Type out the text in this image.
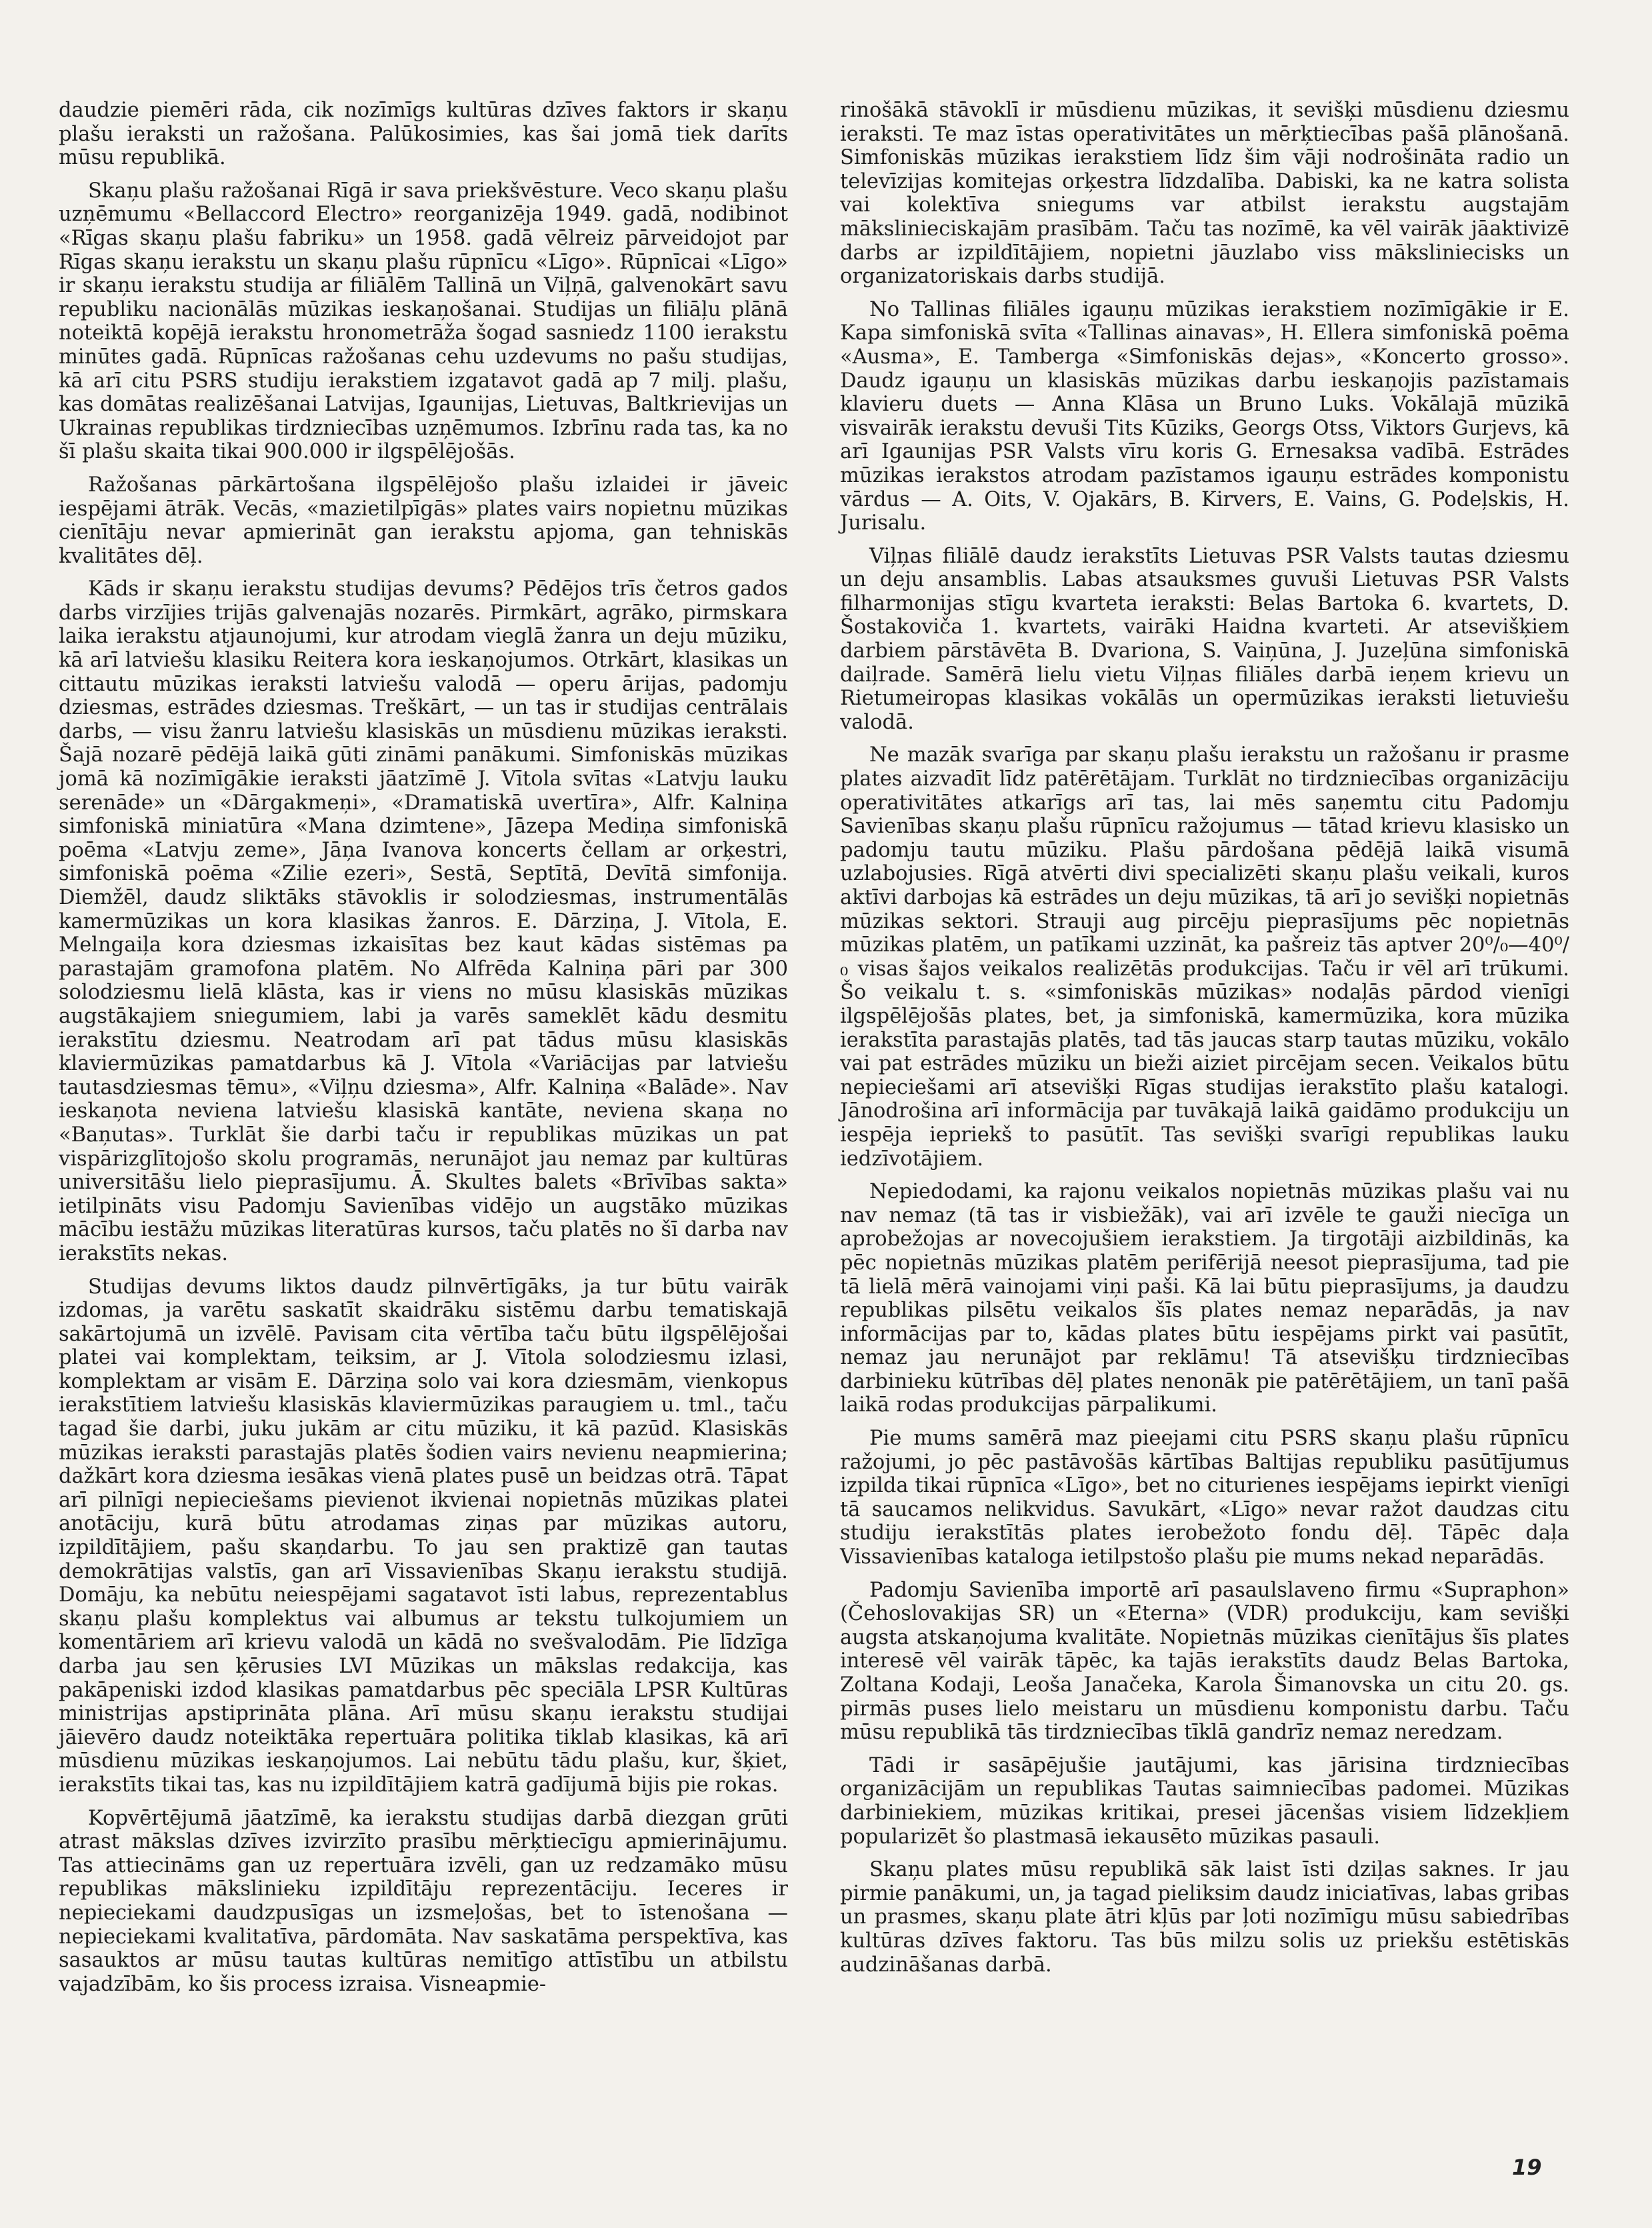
daudzie piemēri rāda, cik nozīmīgs kultūras dzīves faktors ir skaņu plašu ieraksti un ražošana. Palūkosimies, kas šai jomā tiek darīts mūsu republikā.

Skaņu plašu ražošanai Rīgā ir sava priekšvēsture. Veco skaņu plašu uzņēmumu «Bellaccord Electro» reorganizēja 1949. gadā, nodibinot «Rīgas skaņu plašu fabriku» un 1958. gadā vēlreiz pārveidojot par Rīgas skaņu ierakstu un skaņu plašu rūpnīcu «Līgo». Rūpnīcai «Līgo» ir skaņu ierakstu studija ar filiālēm Tallinā un Viļņā, galvenokārt savu republiku nacionālās mūzikas ieskaņošanai. Studijas un filiāļu plānā noteiktā kopējā ierakstu hronometrāža šogad sasniedz 1100 ierakstu minūtes gadā. Rūpnīcas ražošanas cehu uzdevums no pašu studijas, kā arī citu PSRS studiju ierakstiem izgatavot gadā ap 7 milj. plašu, kas domātas realizēšanai Latvijas, Igaunijas, Lietuvas, Baltkrievijas un Ukrainas republikas tirdzniecības uzņēmumos. Izbrīnu rada tas, ka no šī plašu skaita tikai 900.000 ir ilgspēlējošās.

Ražošanas pārkārtošana ilgspēlējošo plašu izlaidei ir jāveic iespējami ātrāk. Vecās, «mazietilpīgās» plates vairs nopietnu mūzikas cienītāju nevar apmierināt gan ierakstu apjoma, gan tehniskās kvalitātes dēļ.

Kāds ir skaņu ierakstu studijas devums? Pēdējos trīs četros gados darbs virzījies trijās galvenajās nozarēs. Pirmkārt, agrāko, pirmskara laika ierakstu atjaunojumi, kur atrodam vieglā žanra un deju mūziku, kā arī latviešu klasiku Reitera kora ieskaņojumos. Otrkārt, klasikas un cittautu mūzikas ieraksti latviešu valodā — operu ārijas, padomju dziesmas, estrādes dziesmas. Treškārt, — un tas ir studijas centrālais darbs, — visu žanru latviešu klasiskās un mūsdienu mūzikas ieraksti. Šajā nozarē pēdējā laikā gūti zināmi panākumi. Simfoniskās mūzikas jomā kā nozīmīgākie ieraksti jāatzīmē J. Vītola svītas «Latvju lauku serenāde» un «Dārgakmeņi», «Dramatiskā uvertīra», Alfr. Kalniņa simfoniskā miniatūra «Mana dzimtene», Jāzepa Mediņa simfoniskā poēma «Latvju zeme», Jāņa Ivanova koncerts čellam ar orķestri, simfoniskā poēma «Zilie ezeri», Sestā, Septītā, Devītā simfonija. Diemžēl, daudz sliktāks stāvoklis ir solodziesmas, instrumentālās kamermūzikas un kora klasikas žanros. E. Dārziņa, J. Vītola, E. Melngaiļa kora dziesmas izkaisītas bez kaut kādas sistēmas pa parastajām gramofona platēm. No Alfrēda Kalniņa pāri par 300 solodziesmu lielā klāsta, kas ir viens no mūsu klasiskās mūzikas augstākajiem sniegumiem, labi ja varēs sameklēt kādu desmitu ierakstītu dziesmu. Neatrodam arī pat tādus mūsu klasiskās klaviermūzikas pamatdarbus kā J. Vītola «Variācijas par latviešu tautasdziesmas tēmu», «Viļņu dziesma», Alfr. Kalniņa «Balāde». Nav ieskaņota neviena latviešu klasiskā kantāte, neviena skaņa no «Baņutas». Turklāt šie darbi taču ir republikas mūzikas un pat vispārizglītojošo skolu programās, nerunājot jau nemaz par kultūras universitāšu lielo pieprasījumu. Ā. Skultes balets «Brīvības sakta» ietilpināts visu Padomju Savienības vidējo un augstāko mūzikas mācību iestāžu mūzikas literatūras kursos, taču platēs no šī darba nav ierakstīts nekas.

Studijas devums liktos daudz pilnvērtīgāks, ja tur būtu vairāk izdomas, ja varētu saskatīt skaidrāku sistēmu darbu tematiskajā sakārtojumā un izvēlē. Pavisam cita vērtība taču būtu ilgspēlējošai platei vai komplektam, teiksim, ar J. Vītola solodziesmu izlasi, komplektam ar visām E. Dārziņa solo vai kora dziesmām, vienkopus ierakstītiem latviešu klasiskās klaviermūzikas paraugiem u. tml., taču tagad šie darbi, juku jukām ar citu mūziku, it kā pazūd. Klasiskās mūzikas ieraksti parastajās platēs šodien vairs nevienu neapmierina; dažkārt kora dziesma iesākas vienā plates pusē un beidzas otrā. Tāpat arī pilnīgi nepieciešams pievienot ikvienai nopietnās mūzikas platei anotāciju, kurā būtu atrodamas ziņas par mūzikas autoru, izpildītājiem, pašu skaņdarbu. To jau sen praktizē gan tautas demokrātijas valstīs, gan arī Vissavienības Skaņu ierakstu studijā. Domāju, ka nebūtu neiespējami sagatavot īsti labus, reprezentablus skaņu plašu komplektus vai albumus ar tekstu tulkojumiem un komentāriem arī krievu valodā un kādā no svešvalodām. Pie līdzīga darba jau sen ķērusies LVI Mūzikas un mākslas redakcija, kas pakāpeniski izdod klasikas pamatdarbus pēc speciāla LPSR Kultūras ministrijas apstiprināta plāna. Arī mūsu skaņu ierakstu studijai jāievēro daudz noteiktāka repertuāra politika tiklab klasikas, kā arī mūsdienu mūzikas ieskaņojumos. Lai nebūtu tādu plašu, kur, šķiet, ierakstīts tikai tas, kas nu izpildītājiem katrā gadījumā bijis pie rokas.

Kopvērtējumā jāatzīmē, ka ierakstu studijas darbā diezgan grūti atrast mākslas dzīves izvirzīto prasību mērķtiecīgu apmierinājumu. Tas attiecināms gan uz repertuāra izvēli, gan uz redzamāko mūsu republikas mākslinieku izpildītāju reprezentāciju. Ieceres ir nepieciekami daudzpusīgas un izsmeļošas, bet to īstenošana — nepieciekami kvalitatīva, pārdomāta. Nav saskatāma perspektīva, kas sasauktos ar mūsu tautas kultūras nemitīgo attīstību un atbilstu vajadzībām, ko šis process izraisa. Visneapmie-

rinošākā stāvoklī ir mūsdienu mūzikas, it sevišķi mūsdienu dziesmu ieraksti. Te maz īstas operativitātes un mērķtiecības pašā plānošanā. Simfoniskās mūzikas ierakstiem līdz šim vāji nodrošināta radio un televīzijas komitejas orķestra līdzdalība. Dabiski, ka ne katra solista vai kolektīva sniegums var atbilst ierakstu augstajām mākslinieciskajām prasībām. Taču tas nozīmē, ka vēl vairāk jāaktivizē darbs ar izpildītājiem, nopietni jāuzlabo viss māksliniecisks un organizatoriskais darbs studijā.

No Tallinas filiāles igauņu mūzikas ierakstiem nozīmīgākie ir E. Kapa simfoniskā svīta «Tallinas ainavas», H. Ellera simfoniskā poēma «Ausma», E. Tamberga «Simfoniskās dejas», «Koncerto grosso». Daudz igauņu un klasiskās mūzikas darbu ieskaņojis pazīstamais klavieru duets — Anna Klāsa un Bruno Luks. Vokālajā mūzikā visvairāk ierakstu devuši Tits Kūziks, Georgs Otss, Viktors Gurjevs, kā arī Igaunijas PSR Valsts vīru koris G. Ernesaksa vadībā. Estrādes mūzikas ierakstos atrodam pazīstamos igauņu estrādes komponistu vārdus — A. Oits, V. Ojakārs, B. Kirvers, E. Vains, G. Podeļskis, H. Jurisalu.

Viļņas filiālē daudz ierakstīts Lietuvas PSR Valsts tautas dziesmu un deju ansamblis. Labas atsauksmes guvuši Lietuvas PSR Valsts filharmonijas stīgu kvarteta ieraksti: Belas Bartoka 6. kvartets, D. Šostakoviča 1. kvartets, vairāki Haidna kvarteti. Ar atsevišķiem darbiem pārstāvēta B. Dvariona, S. Vaiņūna, J. Juzeļūna simfoniskā daiļrade. Samērā lielu vietu Viļņas filiāles darbā ieņem krievu un Rietumeiropas klasikas vokālās un opermūzikas ieraksti lietuviešu valodā.

Ne mazāk svarīga par skaņu plašu ierakstu un ražošanu ir prasme plates aizvadīt līdz patērētājam. Turklāt no tirdzniecības organizāciju operativitātes atkarīgs arī tas, lai mēs saņemtu citu Padomju Savienības skaņu plašu rūpnīcu ražojumus — tātad krievu klasisko un padomju tautu mūziku. Plašu pārdošana pēdējā laikā visumā uzlabojusies. Rīgā atvērti divi specializēti skaņu plašu veikali, kuros aktīvi darbojas kā estrādes un deju mūzikas, tā arī jo sevišķi nopietnās mūzikas sektori. Strauji aug pircēju pieprasījums pēc nopietnās mūzikas platēm, un patīkami uzzināt, ka pašreiz tās aptver 20⁰/₀—40⁰/₀ visas šajos veikalos realizētās produkcijas. Taču ir vēl arī trūkumi. Šo veikalu t. s. «simfoniskās mūzikas» nodaļās pārdod vienīgi ilgspēlējošās plates, bet, ja simfoniskā, kamermūzika, kora mūzika ierakstīta parastajās platēs, tad tās jaucas starp tautas mūziku, vokālo vai pat estrādes mūziku un bieži aiziet pircējam secen. Veikalos būtu nepieciešami arī atsevišķi Rīgas studijas ierakstīto plašu katalogi. Jānodrošina arī informācija par tuvākajā laikā gaidāmo produkciju un iespēja iepriekš to pasūtīt. Tas sevišķi svarīgi republikas lauku iedzīvotājiem.

Nepiedodami, ka rajonu veikalos nopietnās mūzikas plašu vai nu nav nemaz (tā tas ir visbiežāk), vai arī izvēle te gauži niecīga un aprobežojas ar novecojušiem ierakstiem. Ja tirgotāji aizbildinās, ka pēc nopietnās mūzikas platēm perifērijā neesot pieprasījuma, tad pie tā lielā mērā vainojami viņi paši. Kā lai būtu pieprasījums, ja daudzu republikas pilsētu veikalos šīs plates nemaz neparādās, ja nav informācijas par to, kādas plates būtu iespējams pirkt vai pasūtīt, nemaz jau nerunājot par reklāmu! Tā atsevišķu tirdzniecības darbinieku kūtrības dēļ plates nenonāk pie patērētājiem, un tanī pašā laikā rodas produkcijas pārpalikumi.

Pie mums samērā maz pieejami citu PSRS skaņu plašu rūpnīcu ražojumi, jo pēc pastāvošās kārtības Baltijas republiku pasūtījumus izpilda tikai rūpnīca «Līgo», bet no citurienes iespējams iepirkt vienīgi tā saucamos nelikvidus. Savukārt, «Līgo» nevar ražot daudzas citu studiju ierakstītās plates ierobežoto fondu dēļ. Tāpēc daļa Vissavienības kataloga ietilpstošo plašu pie mums nekad neparādās.

Padomju Savienība importē arī pasaulslaveno firmu «Supraphon» (Čehoslovakijas SR) un «Eterna» (VDR) produkciju, kam sevišķi augsta atskaņojuma kvalitāte. Nopietnās mūzikas cienītājus šīs plates interesē vēl vairāk tāpēc, ka tajās ierakstīts daudz Belas Bartoka, Zoltana Kodaji, Leoša Janačeka, Karola Šimanovska un citu 20. gs. pirmās puses lielo meistaru un mūsdienu komponistu darbu. Taču mūsu republikā tās tirdzniecības tīklā gandrīz nemaz neredzam.

Tādi ir sasāpējušie jautājumi, kas jārisina tirdzniecības organizācijām un republikas Tautas saimniecības padomei. Mūzikas darbiniekiem, mūzikas kritikai, presei jācenšas visiem līdzekļiem popularizēt šo plastmasā iekausēto mūzikas pasauli.

Skaņu plates mūsu republikā sāk laist īsti dziļas saknes. Ir jau pirmie panākumi, un, ja tagad pieliksim daudz iniciatīvas, labas gribas un prasmes, skaņu plate ātri kļūs par ļoti nozīmīgu mūsu sabiedrības kultūras dzīves faktoru. Tas būs milzu solis uz priekšu estētiskās audzināšanas darbā.

19
